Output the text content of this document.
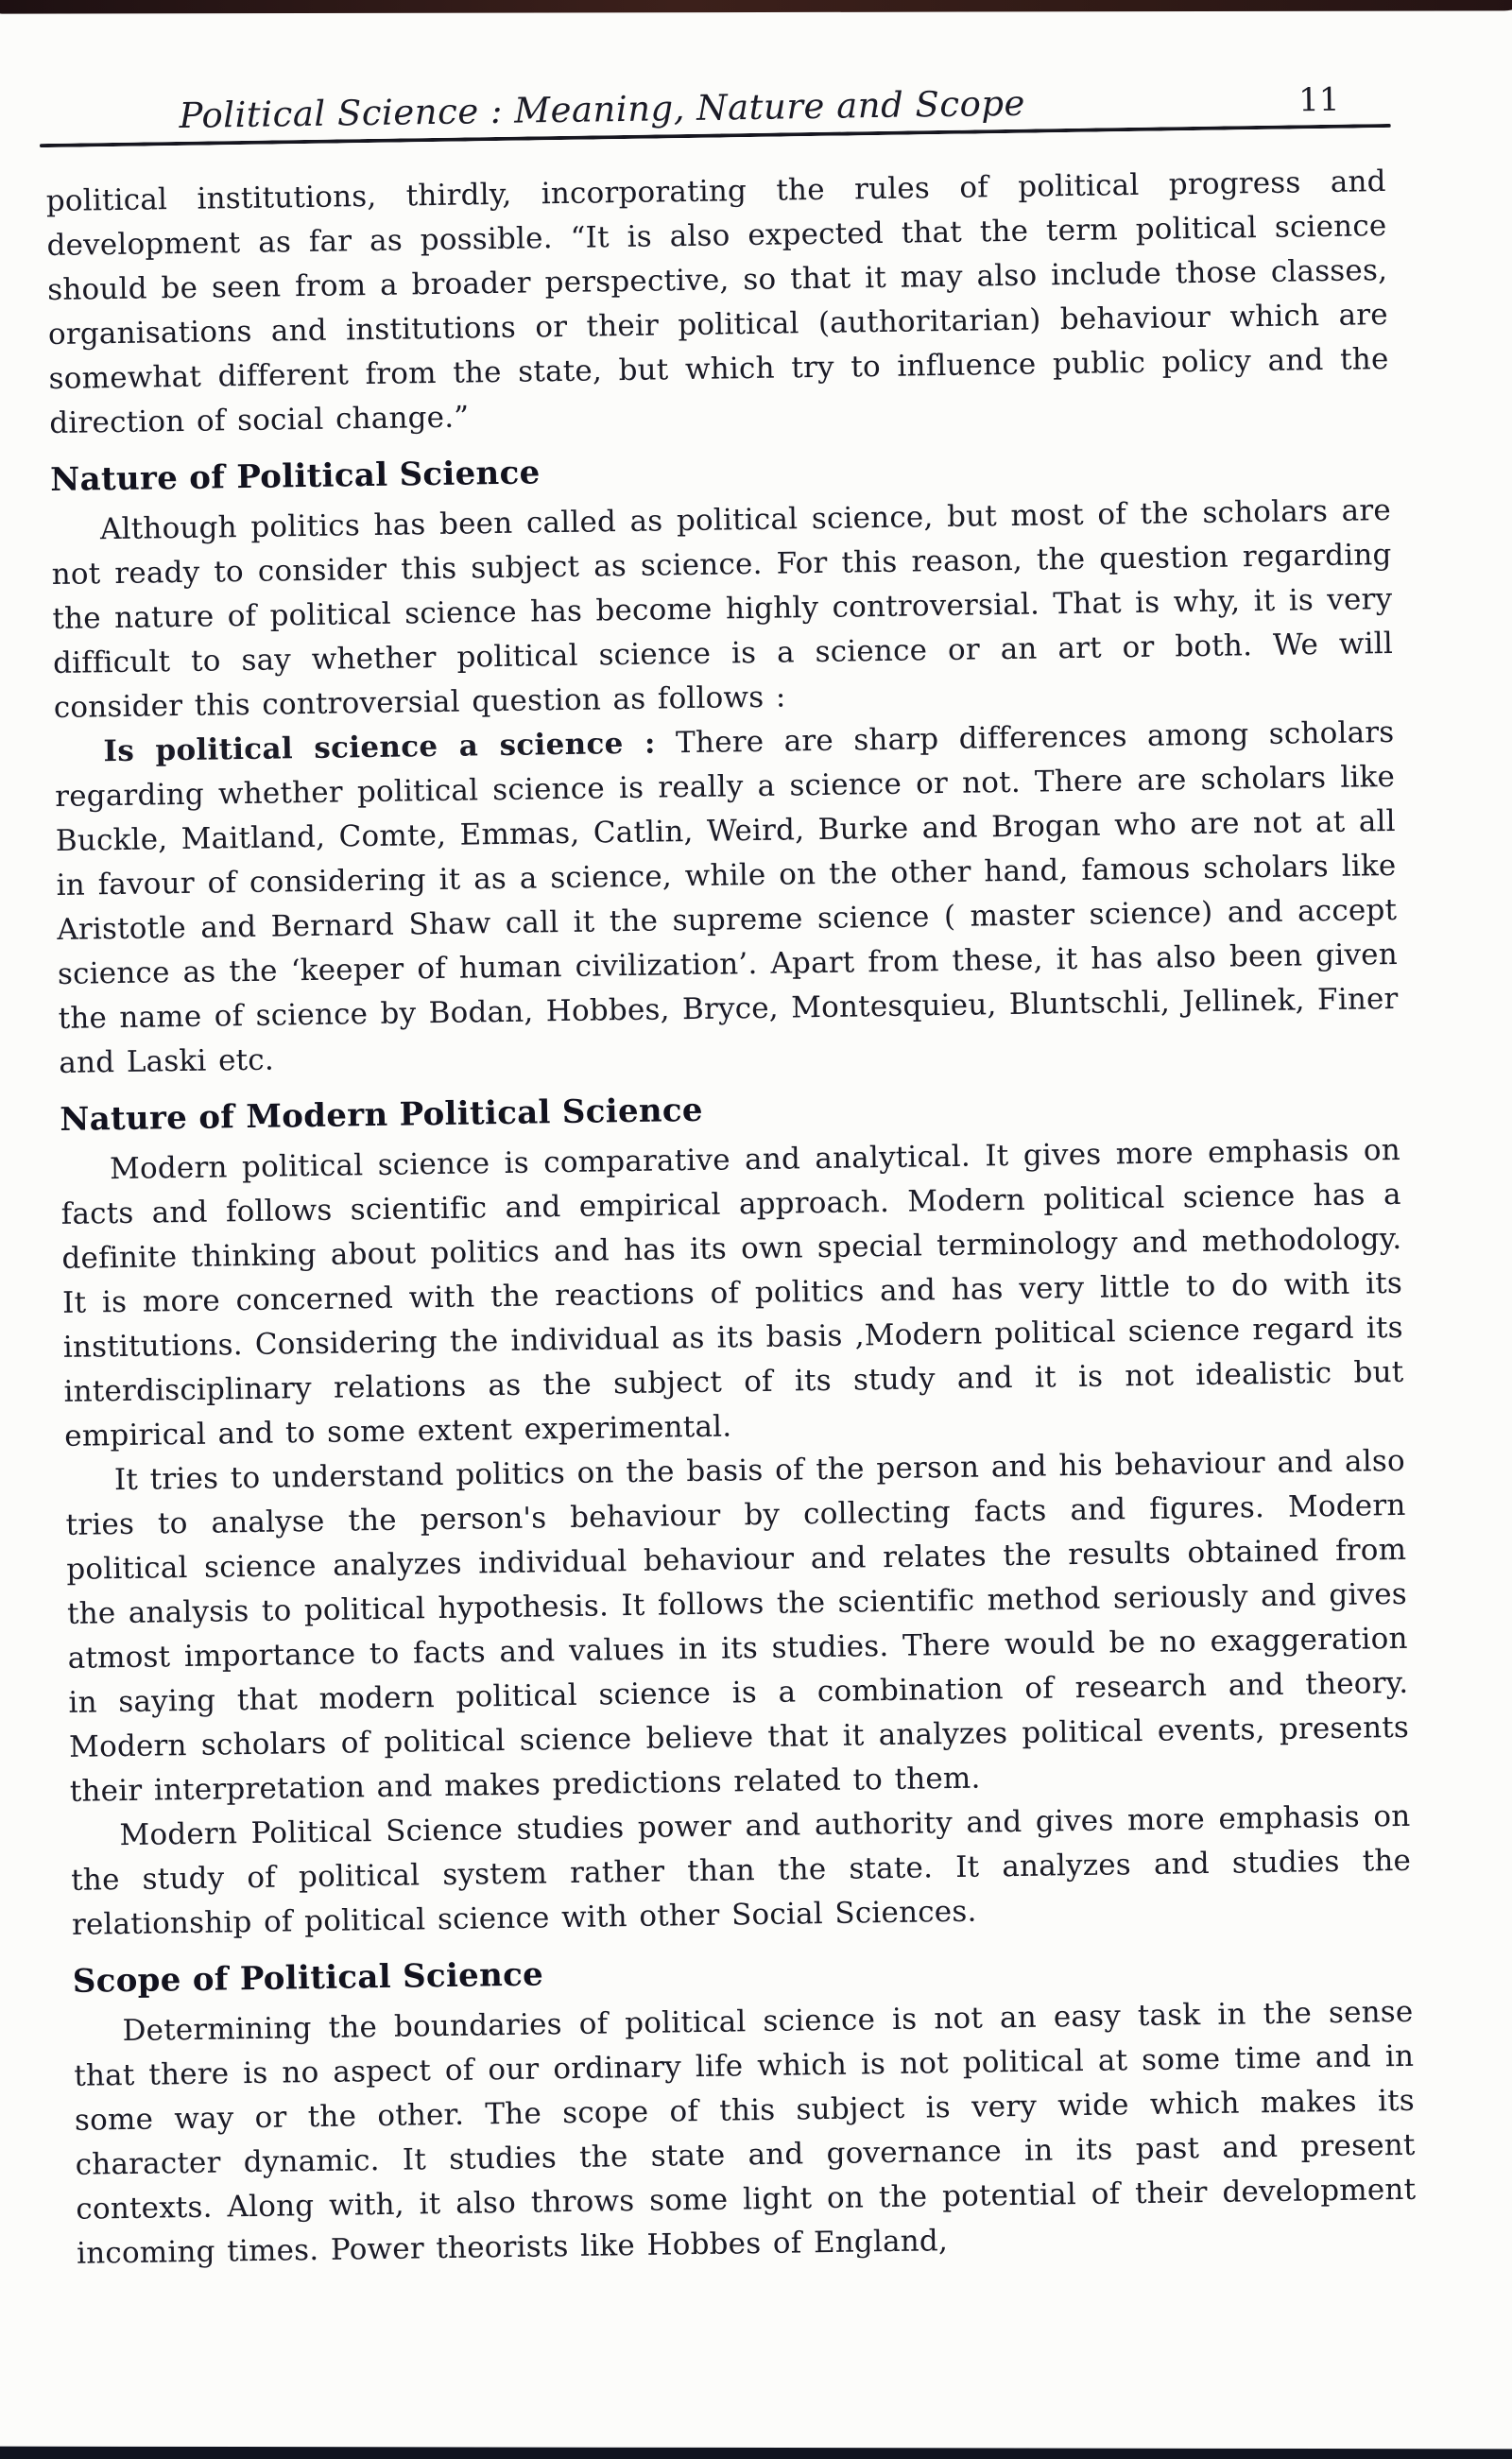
Political Science : Meaning, Nature and Scope	11

political institutions, thirdly, incorporating the rules of political progress and development as far as possible. “It is also expected that the term political science should be seen from a broader perspective, so that it may also include those classes, organisations and institutions or their political (authoritarian) behaviour which are somewhat different from the state, but which try to influence public policy and the direction of social change.”

Nature of Political Science

Although politics has been called as political science, but most of the scholars are not ready to consider this subject as science. For this reason, the question regarding the nature of political science has become highly controversial. That is why, it is very difficult to say whether political science is a science or an art or both. We will consider this controversial question as follows :

Is political science a science : There are sharp differences among scholars regarding whether political science is really a science or not. There are scholars like Buckle, Maitland, Comte, Emmas, Catlin, Weird, Burke and Brogan who are not at all in favour of considering it as a science, while on the other hand, famous scholars like Aristotle and Bernard Shaw call it the supreme science ( master science) and accept science as the ‘keeper of human civilization’. Apart from these, it has also been given the name of science by Bodan, Hobbes, Bryce, Montesquieu, Bluntschli, Jellinek, Finer and Laski etc.

Nature of Modern Political Science

Modern political science is comparative and analytical. It gives more emphasis on facts and follows scientific and empirical approach. Modern political science has a definite thinking about politics and has its own special terminology and methodology. It is more concerned with the reactions of politics and has very little to do with its institutions. Considering the individual as its basis ,Modern political science regard its interdisciplinary relations as the subject of its study and it is not idealistic but empirical and to some extent experimental.

It tries to understand politics on the basis of the person and his behaviour and also tries to analyse the person's behaviour by collecting facts and figures. Modern political science analyzes individual behaviour and relates the results obtained from the analysis to political hypothesis. It follows the scientific method seriously and gives atmost importance to facts and values in its studies. There would be no exaggeration in saying that modern political science is a combination of research and theory. Modern scholars of political science believe that it analyzes political events, presents their interpretation and makes predictions related to them.

Modern Political Science studies power and authority and gives more emphasis on the study of political system rather than the state. It analyzes and studies the relationship of political science with other Social Sciences.

Scope of Political Science

Determining the boundaries of political science is not an easy task in the sense that there is no aspect of our ordinary life which is not political at some time and in some way or the other. The scope of this subject is very wide which makes its character dynamic. It studies the state and governance in its past and present contexts. Along with, it also throws some light on the potential of their development incoming times. Power theorists like Hobbes of England,
